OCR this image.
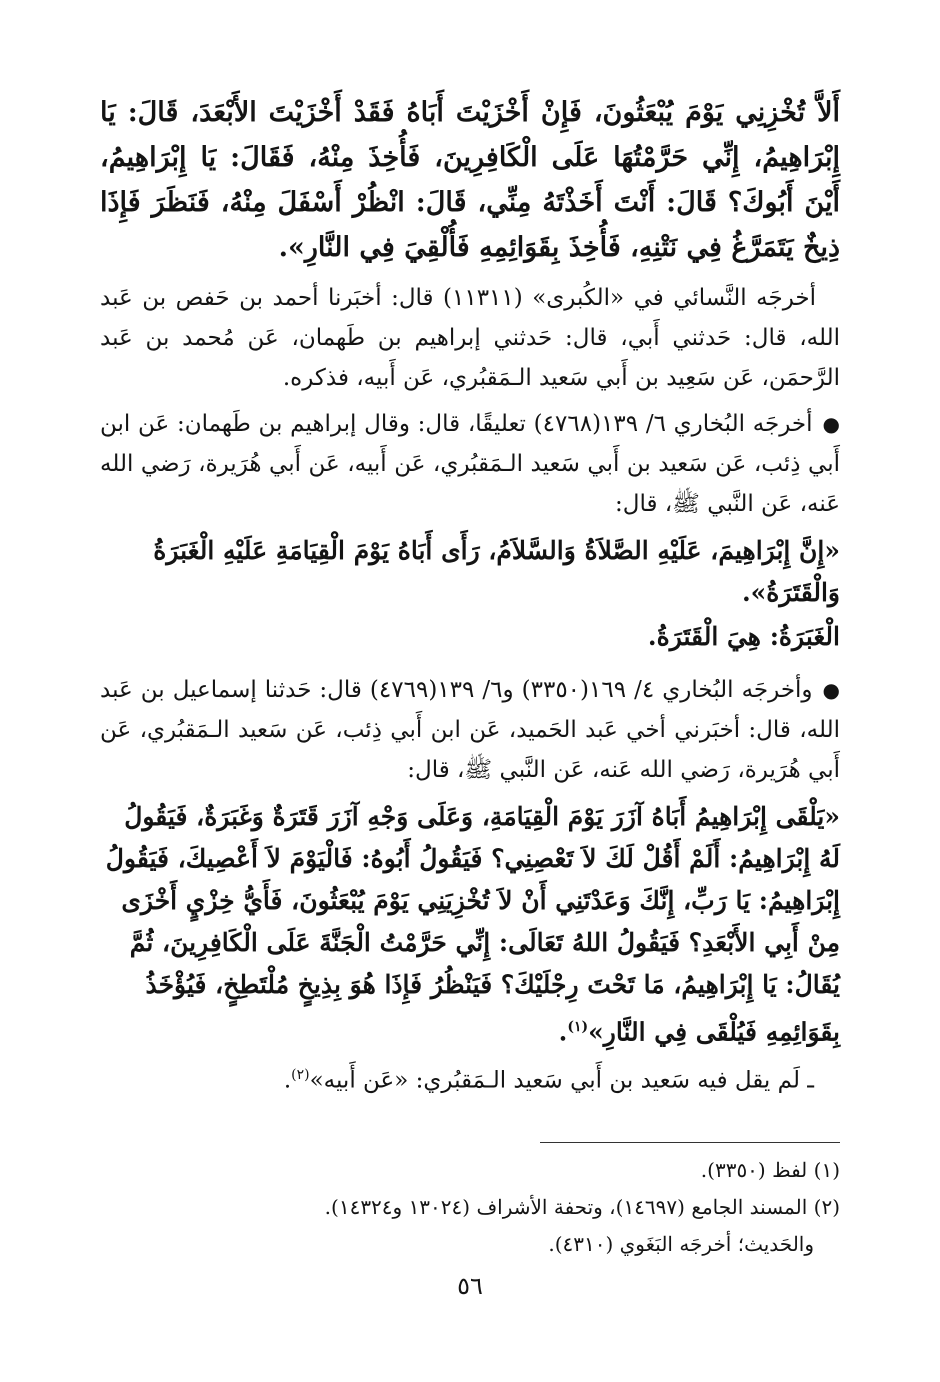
أَلاَّ تُخْزِنِي يَوْمَ يُبْعَثُونَ، فَإِنْ أَخْزَيْتَ أَبَاهُ فَقَدْ أَخْزَيْتَ الأَبْعَدَ، قَالَ: يَا إِبْرَاهِيمُ، إِنِّي حَرَّمْتُهَا عَلَى الْكَافِرِينَ، فَأُخِذَ مِنْهُ، فَقَالَ: يَا إِبْرَاهِيمُ، أَيْنَ أَبُوكَ؟ قَالَ: أَنْتَ أَخَذْتَهُ مِنِّي، قَالَ: انْظُرْ أَسْفَلَ مِنْهُ، فَنَظَرَ فَإِذَا ذِيخٌ يَتَمَرَّغُ فِي نَتْنِهِ، فَأُخِذَ بِقَوَائِمِهِ فَأُلْقِيَ فِي النَّارِ».

أخرجَه النَّسائي في «الكُبرى» (١١٣١١) قال: أخبَرنا أحمد بن حَفص بن عَبد الله، قال: حَدثني أَبي، قال: حَدثني إبراهيم بن طَهمان، عَن مُحمد بن عَبد الرَّحمَن، عَن سَعِيد بن أَبي سَعيد الـمَقبُري، عَن أَبيه، فذكره.

●أخرجَه البُخاري ٦/ ١٣٩(٤٧٦٨) تعليقًا، قال: وقال إبراهيم بن طَهمان: عَن ابن أَبي ذِئب، عَن سَعيد بن أَبي سَعيد الـمَقبُري، عَن أَبيه، عَن أَبي هُرَيرة، رَضي الله عَنه، عَن النَّبي ﷺ، قال:

«إِنَّ إِبْرَاهِيمَ، عَلَيْهِ الصَّلاَةُ وَالسَّلاَمُ، رَأَى أَبَاهُ يَوْمَ الْقِيَامَةِ عَلَيْهِ الْغَبَرَةُ وَالْقَتَرَةُ».

الْغَبَرَةُ: هِيَ الْقَتَرَةُ.

●وأخرجَه البُخاري ٤/ ١٦٩(٣٣٥٠) و٦/ ١٣٩(٤٧٦٩) قال: حَدثنا إسماعيل بن عَبد الله، قال: أخبَرني أخي عَبد الحَميد، عَن ابن أَبي ذِئب، عَن سَعيد الـمَقبُري، عَن أَبي هُرَيرة، رَضي الله عَنه، عَن النَّبي ﷺ، قال:

«يَلْقَى إِبْرَاهِيمُ أَبَاهُ آزَرَ يَوْمَ الْقِيَامَةِ، وَعَلَى وَجْهِ آزَرَ قَتَرَةٌ وَغَبَرَةٌ، فَيَقُولُ لَهُ إِبْرَاهِيمُ: أَلَمْ أَقُلْ لَكَ لاَ تَعْصِنِي؟ فَيَقُولُ أَبُوهُ: فَالْيَوْمَ لاَ أَعْصِيكَ، فَيَقُولُ إِبْرَاهِيمُ: يَا رَبِّ، إِنَّكَ وَعَدْتَنِي أَنْ لاَ تُخْزِيَنِي يَوْمَ يُبْعَثُونَ، فَأَيُّ خِزْيٍ أَخْزَى مِنْ أَبِي الأَبْعَدِ؟ فَيَقُولُ اللهُ تَعَالَى: إِنِّي حَرَّمْتُ الْجَنَّةَ عَلَى الْكَافِرِينَ، ثُمَّ يُقَالُ: يَا إِبْرَاهِيمُ، مَا تَحْتَ رِجْلَيْكَ؟ فَيَنْظُرُ فَإِذَا هُوَ بِذِيخٍ مُلْتَطِخٍ، فَيُؤْخَذُ بِقَوَائِمِهِ فَيُلْقَى فِي النَّارِ»$^{(١)}$.

ـ لَم يقل فيه سَعيد بن أَبي سَعيد الـمَقبُري: «عَن أَبيه»$^{(٢)}$.

(١) لفظ (٣٣٥٠).

(٢) المسند الجامع (١٤٦٩٧)، وتحفة الأشراف (١٣٠٢٤ و١٤٣٢٤).

والحَديث؛ أخرجَه البَغَوي (٤٣١٠).

٥٦
